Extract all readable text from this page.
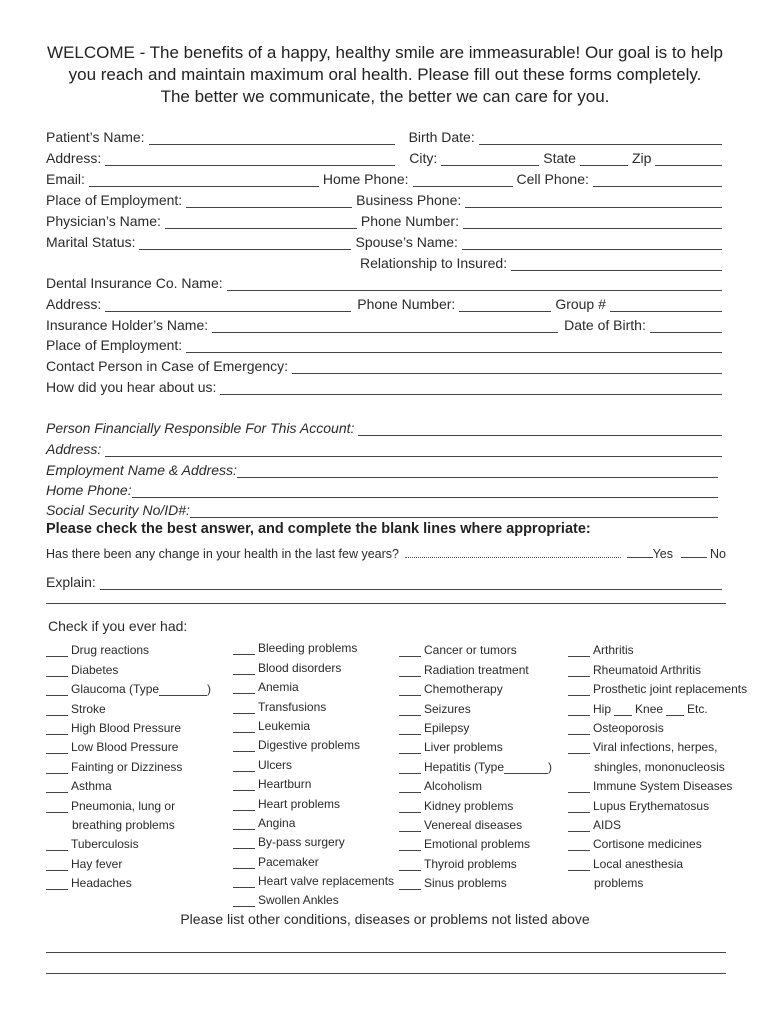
WELCOME - The benefits of a happy, healthy smile are immeasurable! Our goal is to help
you reach and maintain maximum oral health. Please fill out these forms completely.
The better we communicate, the better we can care for you.
Patient’s Name:	Birth Date:
Address:	City:	State	Zip
Email:	Home Phone:	Cell Phone:
Place of Employment:	Business Phone:
Physician’s Name:	Phone Number:
Marital Status:	Spouse’s Name:
Relationship to Insured:
Dental Insurance Co. Name:
Address:	Phone Number:	Group #
Insurance Holder’s Name:	Date of Birth:
Place of Employment:
Contact Person in Case of Emergency:
How did you hear about us:
Person Financially Responsible For This Account:
Address:
Employment Name & Address:
Home Phone:
Social Security No/ID#:
Please check the best answer, and complete the blank lines where appropriate:
Has there been any change in your health in the last few years?	Yes	No
Explain:
Check if you ever had:
Drug reactions
Diabetes
Glaucoma (Type	)
Stroke
High Blood Pressure
Low Blood Pressure
Fainting or Dizziness
Asthma
Pneumonia, lung or
breathing problems
Tuberculosis
Hay fever
Headaches
Bleeding problems
Blood disorders
Anemia
Transfusions
Leukemia
Digestive problems
Ulcers
Heartburn
Heart problems
Angina
By-pass surgery
Pacemaker
Heart valve replacements
Swollen Ankles
Cancer or tumors
Radiation treatment
Chemotherapy
Seizures
Epilepsy
Liver problems
Hepatitis (Type	)
Alcoholism
Kidney problems
Venereal diseases
Emotional problems
Thyroid problems
Sinus problems
Arthritis
Rheumatoid Arthritis
Prosthetic joint replacements
Hip Knee Etc.
Osteoporosis
Viral infections, herpes,
shingles, mononucleosis
Immune System Diseases
Lupus Erythematosus
AIDS
Cortisone medicines
Local anesthesia
problems
Please list other conditions, diseases or problems not listed above
